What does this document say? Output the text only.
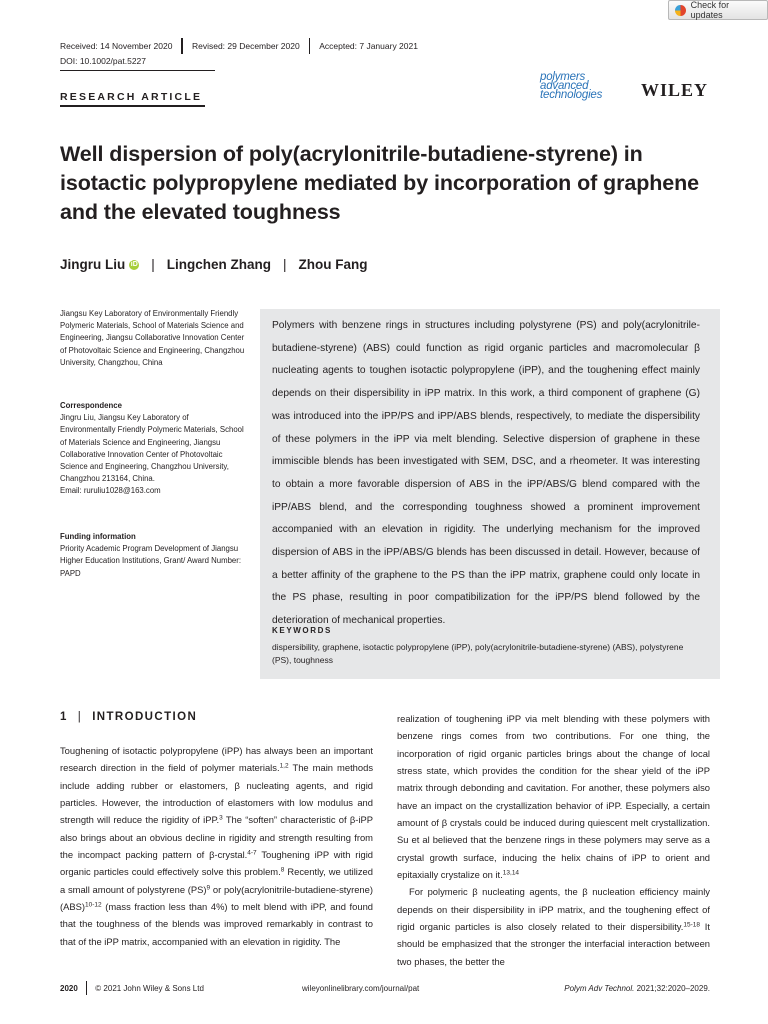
Check for updates
Received: 14 November 2020 Revised: 29 December 2020 Accepted: 7 January 2021
DOI: 10.1002/pat.5227
RESEARCH ARTICLE
polymers
advanced
technologies	WILEY
Well dispersion of poly(acrylonitrile-butadiene-styrene) in isotactic polypropylene mediated by incorporation of graphene and the elevated toughness
Jingru Liu iD | Lingchen Zhang | Zhou Fang
Jiangsu Key Laboratory of Environmentally Friendly Polymeric Materials, School of Materials Science and Engineering, Jiangsu Collaborative Innovation Center of Photovoltaic Science and Engineering, Changzhou University, Changzhou, China
Correspondence
Jingru Liu, Jiangsu Key Laboratory of Environmentally Friendly Polymeric Materials, School of Materials Science and Engineering, Jiangsu Collaborative Innovation Center of Photovoltaic Science and Engineering, Changzhou University, Changzhou 213164, China.
Email: ruruliu1028@163.com
Funding information
Priority Academic Program Development of Jiangsu Higher Education Institutions, Grant/ Award Number: PAPD
Polymers with benzene rings in structures including polystyrene (PS) and poly(acrylonitrile-butadiene-styrene) (ABS) could function as rigid organic particles and macromolecular β nucleating agents to toughen isotactic polypropylene (iPP), and the toughening effect mainly depends on their dispersibility in iPP matrix. In this work, a third component of graphene (G) was introduced into the iPP/PS and iPP/ABS blends, respectively, to mediate the dispersibility of these polymers in the iPP via melt blending. Selective dispersion of graphene in these immiscible blends has been investigated with SEM, DSC, and a rheometer. It was interesting to obtain a more favorable dispersion of ABS in the iPP/ABS/G blend compared with the iPP/ABS blend, and the corresponding toughness showed a prominent improvement accompanied with an elevation in rigidity. The underlying mechanism for the improved dispersion of ABS in the iPP/ABS/G blends has been discussed in detail. However, because of a better affinity of the graphene to the PS than the iPP matrix, graphene could only locate in the PS phase, resulting in poor compatibilization for the iPP/PS blend followed by the deterioration of mechanical properties.
KEYWORDS
dispersibility, graphene, isotactic polypropylene (iPP), poly(acrylonitrile-butadiene-styrene) (ABS), polystyrene (PS), toughness
1 | INTRODUCTION

Toughening of isotactic polypropylene (iPP) has always been an important research direction in the field of polymer materials.$^{1,2}$ The main methods include adding rubber or elastomers, β nucleating agents, and rigid particles. However, the introduction of elastomers with low modulus and strength will reduce the rigidity of iPP.$^3$ The “soften” characteristic of β-iPP also brings about an obvious decline in rigidity and strength resulting from the incompact packing pattern of β-crystal.$^{4-7}$ Toughening iPP with rigid organic particles could effectively solve this problem.$^8$ Recently, we utilized a small amount of polystyrene (PS)$^9$ or poly(acrylonitrile-butadiene-styrene) (ABS)$^{10-12}$ (mass fraction less than 4%) to melt blend with iPP, and found that the toughness of the blends was improved remarkably in contrast to that of the iPP matrix, accompanied with an elevation in rigidity. The

realization of toughening iPP via melt blending with these polymers with benzene rings comes from two contributions. For one thing, the incorporation of rigid organic particles brings about the change of local stress state, which provides the condition for the shear yield of the iPP matrix through debonding and cavitation. For another, these polymers also have an impact on the crystallization behavior of iPP. Especially, a certain amount of β crystals could be induced during quiescent melt crystallization. Su et al believed that the benzene rings in these polymers may serve as a crystal growth surface, inducing the helix chains of iPP to orient and epitaxially crystalize on it.$^{13,14}$

For polymeric β nucleating agents, the β nucleation efficiency mainly depends on their dispersibility in iPP matrix, and the toughening effect of rigid organic particles is also closely related to their dispersibility.$^{15-18}$ It should be emphasized that the stronger the interfacial interaction between two phases, the better the

2020 © 2021 John Wiley & Sons Ltd	wileyonlinelibrary.com/journal/pat	Polym Adv Technol. 2021;32:2020–2029.
